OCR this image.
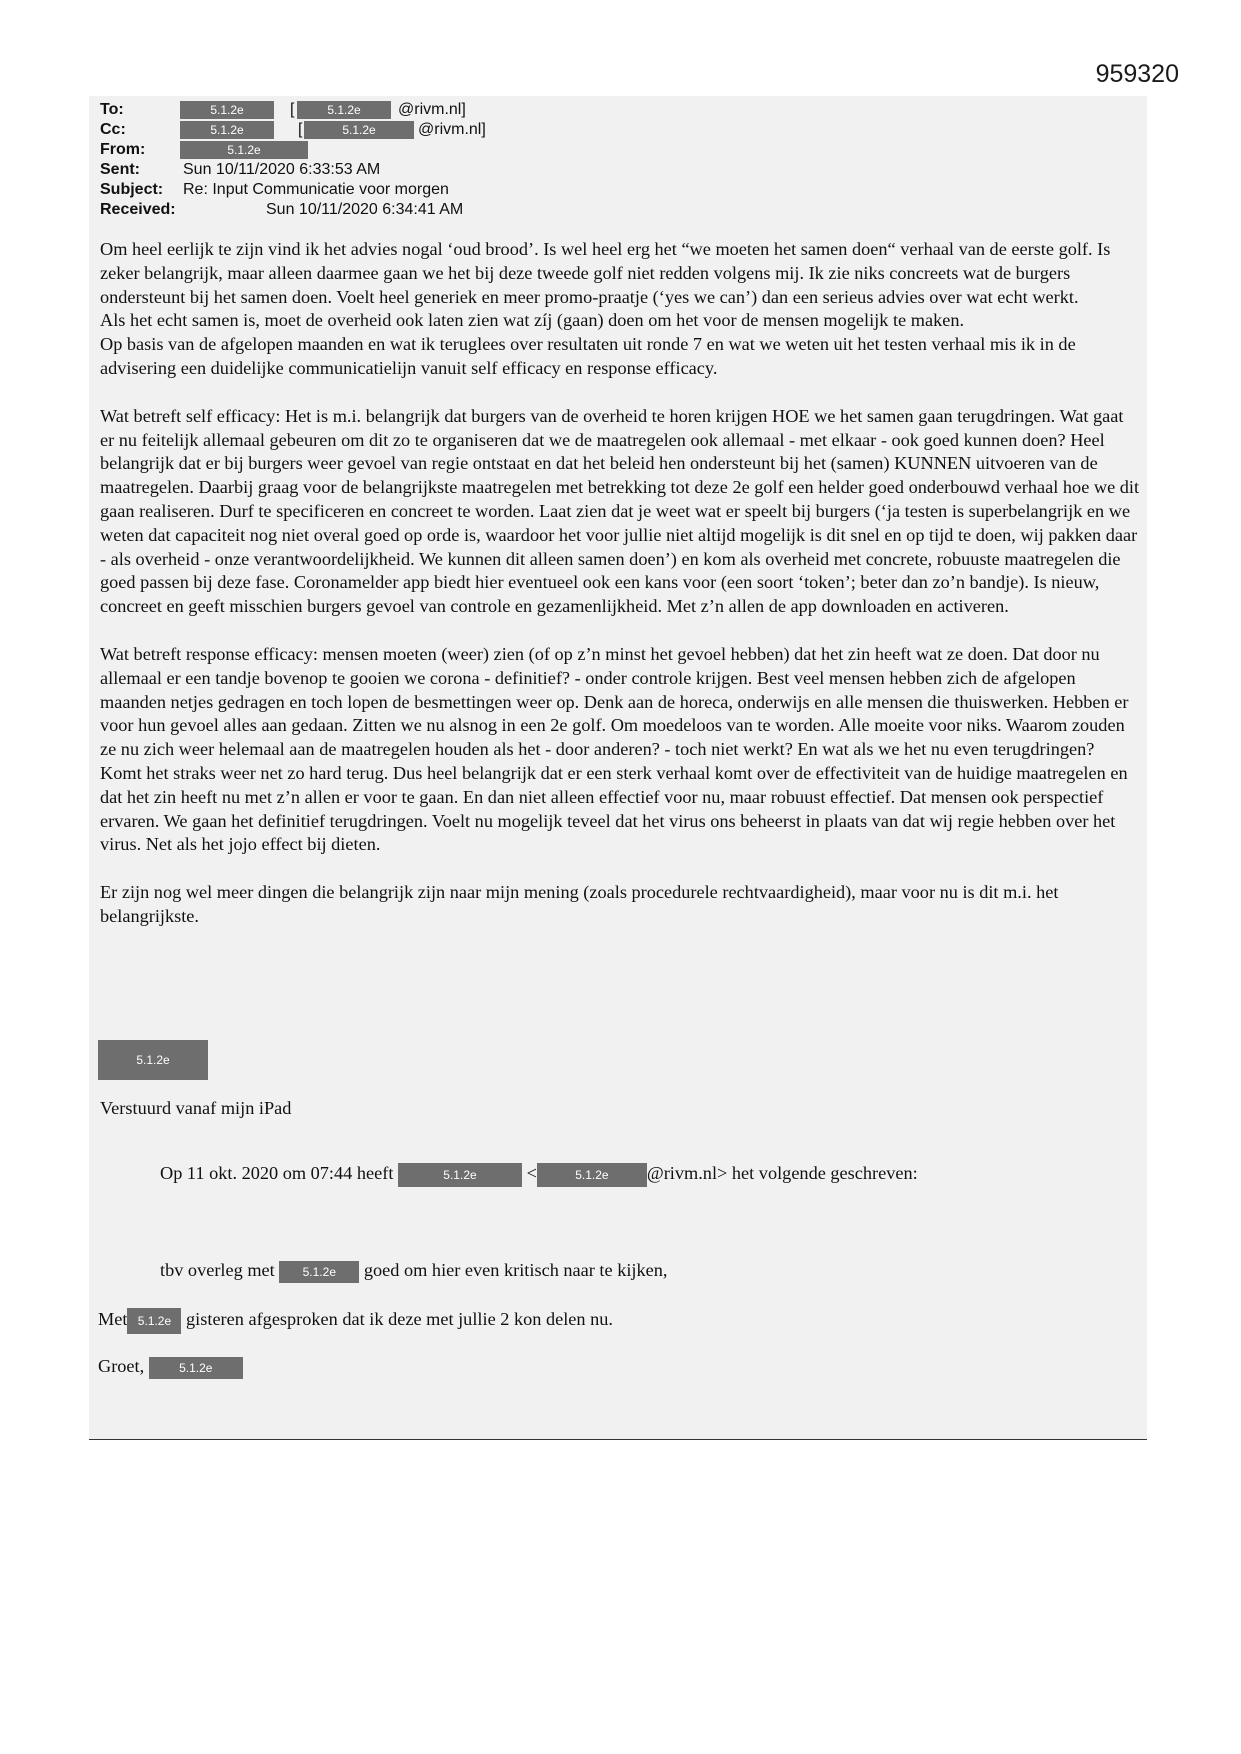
959320
To:	5.1.2e	[	5.1.2e	@rivm.nl]
Cc:	5.1.2e	[	5.1.2e	@rivm.nl]
From:	5.1.2e
Sent:	Sun 10/11/2020 6:33:53 AM
Subject: Re: Input Communicatie voor morgen
Received:	Sun 10/11/2020 6:34:41 AM

Om heel eerlijk te zijn vind ik het advies nogal ‘oud brood’. Is wel heel erg het “we moeten het samen doen“ verhaal van de eerste golf. Is zeker belangrijk, maar alleen daarmee gaan we het bij deze tweede golf niet redden volgens mij. Ik zie niks concreets wat de burgers ondersteunt bij het samen doen. Voelt heel generiek en meer promo-praatje (‘yes we can’) dan een serieus advies over wat echt werkt.

Als het echt samen is, moet de overheid ook laten zien wat zíj (gaan) doen om het voor de mensen mogelijk te maken.

Op basis van de afgelopen maanden en wat ik teruglees over resultaten uit ronde 7 en wat we weten uit het testen verhaal mis ik in de advisering een duidelijke communicatielijn vanuit self efficacy en response efficacy.

Wat betreft self efficacy: Het is m.i. belangrijk dat burgers van de overheid te horen krijgen HOE we het samen gaan terugdringen. Wat gaat er nu feitelijk allemaal gebeuren om dit zo te organiseren dat we de maatregelen ook allemaal - met elkaar - ook goed kunnen doen? Heel belangrijk dat er bij burgers weer gevoel van regie ontstaat en dat het beleid hen ondersteunt bij het (samen) KUNNEN uitvoeren van de maatregelen. Daarbij graag voor de belangrijkste maatregelen met betrekking tot deze 2e golf een helder goed onderbouwd verhaal hoe we dit gaan realiseren. Durf te specificeren en concreet te worden. Laat zien dat je weet wat er speelt bij burgers (‘ja testen is superbelangrijk en we weten dat capaciteit nog niet overal goed op orde is, waardoor het voor jullie niet altijd mogelijk is dit snel en op tijd te doen, wij pakken daar - als overheid - onze verantwoordelijkheid. We kunnen dit alleen samen doen’) en kom als overheid met concrete, robuuste maatregelen die goed passen bij deze fase. Coronamelder app biedt hier eventueel ook een kans voor (een soort ‘token’; beter dan zo’n bandje). Is nieuw, concreet en geeft misschien burgers gevoel van controle en gezamenlijkheid. Met z’n allen de app downloaden en activeren.

Wat betreft response efficacy: mensen moeten (weer) zien (of op z’n minst het gevoel hebben) dat het zin heeft wat ze doen. Dat door nu allemaal er een tandje bovenop te gooien we corona - definitief? - onder controle krijgen. Best veel mensen hebben zich de afgelopen maanden netjes gedragen en toch lopen de besmettingen weer op. Denk aan de horeca, onderwijs en alle mensen die thuiswerken. Hebben er voor hun gevoel alles aan gedaan. Zitten we nu alsnog in een 2e golf. Om moedeloos van te worden. Alle moeite voor niks. Waarom zouden ze nu zich weer helemaal aan de maatregelen houden als het - door anderen? - toch niet werkt? En wat als we het nu even terugdringen? Komt het straks weer net zo hard terug. Dus heel belangrijk dat er een sterk verhaal komt over de effectiviteit van de huidige maatregelen en dat het zin heeft nu met z’n allen er voor te gaan. En dan niet alleen effectief voor nu, maar robuust effectief. Dat mensen ook perspectief ervaren. We gaan het definitief terugdringen. Voelt nu mogelijk teveel dat het virus ons beheerst in plaats van dat wij regie hebben over het virus. Net als het jojo effect bij dieten.

Er zijn nog wel meer dingen die belangrijk zijn naar mijn mening (zoals procedurele rechtvaardigheid), maar voor nu is dit m.i. het belangrijkste.

5.1.2e
Verstuurd vanaf mijn iPad
Op 11 okt. 2020 om 07:44 heeft	5.1.2e	<	5.1.2e @rivm.nl> het volgende geschreven:
tbv overleg met 5.1.2e goed om hier even kritisch naar te kijken,
Met 5.1.2e gisteren afgesproken dat ik deze met jullie 2 kon delen nu.
Groet,	5.1.2e
